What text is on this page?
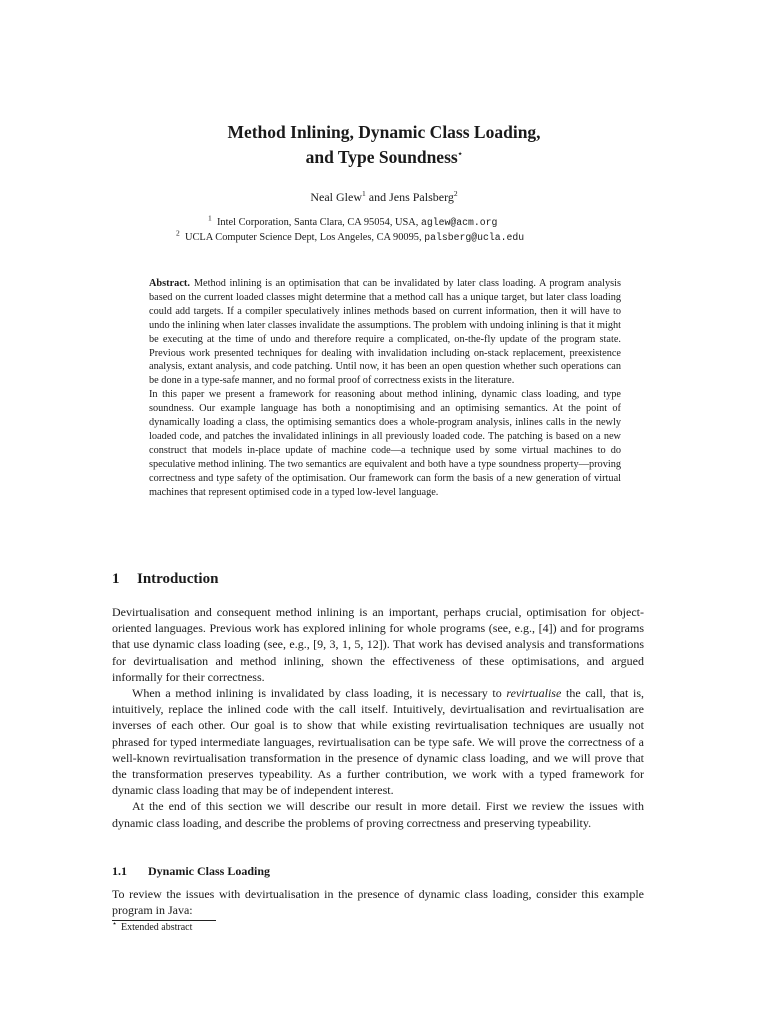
Method Inlining, Dynamic Class Loading,
and Type Soundness⋆
Neal Glew$^1$ and Jens Palsberg$^2$
$^1$ Intel Corporation, Santa Clara, CA 95054, USA, aglew@acm.org
$^2$ UCLA Computer Science Dept, Los Angeles, CA 90095, palsberg@ucla.edu

Abstract. Method inlining is an optimisation that can be invalidated by later class loading. A program analysis based on the current loaded classes might determine that a method call has a unique target, but later class loading could add targets. If a compiler speculatively inlines methods based on current information, then it will have to undo the inlining when later classes invalidate the assumptions. The problem with undoing inlining is that it might be executing at the time of undo and therefore require a complicated, on-the-fly update of the program state. Previous work presented techniques for dealing with invalidation including on-stack replacement, preexistence analysis, extant analysis, and code patching. Until now, it has been an open question whether such operations can be done in a type-safe manner, and no formal proof of correctness exists in the literature.

In this paper we present a framework for reasoning about method inlining, dynamic class loading, and type soundness. Our example language has both a nonoptimising and an optimising semantics. At the point of dynamically loading a class, the optimising semantics does a whole-program analysis, inlines calls in the newly loaded code, and patches the invalidated inlinings in all previously loaded code. The patching is based on a new construct that models in-place update of machine code—a technique used by some virtual machines to do speculative method inlining. The two semantics are equivalent and both have a type soundness property—proving correctness and type safety of the optimisation. Our framework can form the basis of a new generation of virtual machines that represent optimised code in a typed low-level language.

1 Introduction

Devirtualisation and consequent method inlining is an important, perhaps crucial, optimisation for object-oriented languages. Previous work has explored inlining for whole programs (see, e.g., [4]) and for programs that use dynamic class loading (see, e.g., [9, 3, 1, 5, 12]). That work has devised analysis and transformations for devirtualisation and method inlining, shown the effectiveness of these optimisations, and argued informally for their correctness.

When a method inlining is invalidated by class loading, it is necessary to revirtualise the call, that is, intuitively, replace the inlined code with the call itself. Intuitively, devirtualisation and revirtualisation are inverses of each other. Our goal is to show that while existing revirtualisation techniques are usually not phrased for typed intermediate languages, revirtualisation can be type safe. We will prove the correctness of a well-known revirtualisation transformation in the presence of dynamic class loading, and we will prove that the transformation preserves typeability. As a further contribution, we work with a typed framework for dynamic class loading that may be of independent interest.

At the end of this section we will describe our result in more detail. First we review the issues with dynamic class loading, and describe the problems of proving correctness and preserving typeability.

1.1 Dynamic Class Loading

To review the issues with devirtualisation in the presence of dynamic class loading, consider this example program in Java:

⋆ Extended abstract
